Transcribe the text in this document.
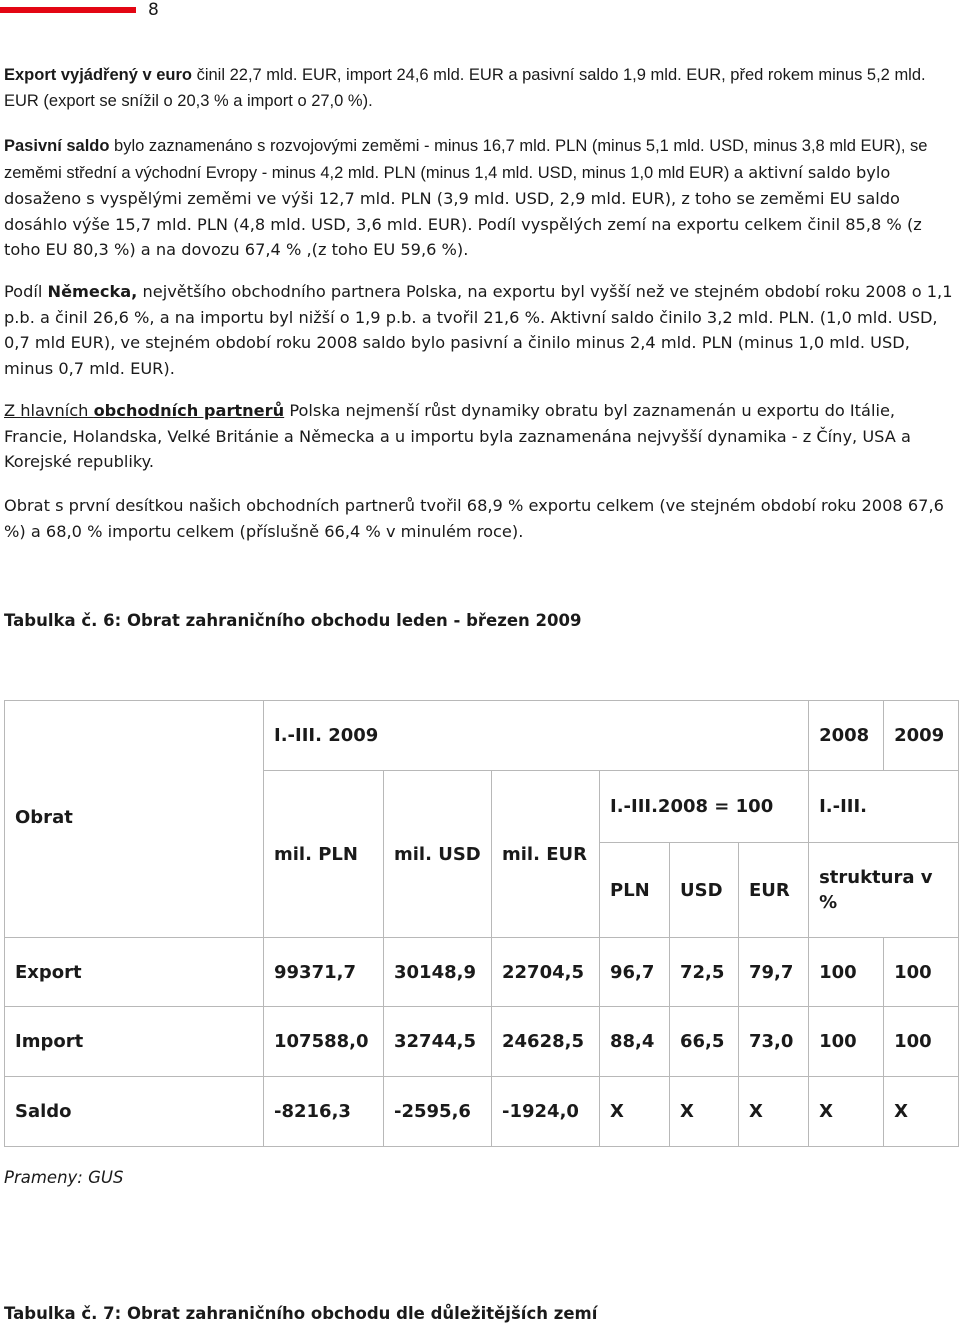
8

Export vyjádřený v euro činil 22,7 mld. EUR, import 24,6 mld. EUR a pasivní saldo 1,9 mld. EUR, před rokem minus 5,2 mld. EUR (export se snížil o 20,3 % a import o 27,0 %).

Pasivní saldo bylo zaznamenáno s rozvojovými zeměmi - minus 16,7 mld. PLN (minus 5,1 mld. USD, minus 3,8 mld EUR), se zeměmi střední a východní Evropy - minus 4,2 mld. PLN (minus 1,4 mld. USD, minus 1,0 mld EUR) a aktivní saldo bylo dosaženo s vyspělými zeměmi ve výši 12,7 mld. PLN (3,9 mld. USD, 2,9 mld. EUR), z toho se zeměmi EU saldo dosáhlo výše 15,7 mld. PLN (4,8 mld. USD, 3,6 mld. EUR). Podíl vyspělých zemí na exportu celkem činil 85,8 % (z toho EU 80,3 %) a na dovozu 67,4 % ,(z toho EU 59,6 %).

Podíl Německa, největšího obchodního partnera Polska, na exportu byl vyšší než ve stejném období roku 2008 o 1,1 p.b. a činil 26,6 %, a na importu byl nižší o 1,9 p.b. a tvořil 21,6 %. Aktivní saldo činilo 3,2 mld. PLN. (1,0 mld. USD, 0,7 mld EUR), ve stejném období roku 2008 saldo bylo pasivní a činilo minus 2,4 mld. PLN (minus 1,0 mld. USD, minus 0,7 mld. EUR).

Z hlavních obchodních partnerů Polska nejmenší růst dynamiky obratu byl zaznamenán u exportu do Itálie, Francie, Holandska, Velké Británie a Německa a u importu byla zaznamenána nejvyšší dynamika - z Číny, USA a Korejské republiky.

Obrat s první desítkou našich obchodních partnerů tvořil 68,9 % exportu celkem (ve stejném období roku 2008 67,6 %) a 68,0 % importu celkem (příslušně 66,4 % v minulém roce).

Tabulka č. 6: Obrat zahraničního obchodu leden - březen 2009
	I.-III. 2009						2008	2009
Obrat	mil. PLN	mil. USD	mil. EUR	I.-III.2008 = 100			I.-III.	
				PLN	USD	EUR	struktura v %	
Export	99371,7	30148,9	22704,5	96,7	72,5	79,7	100	100
Import	107588,0	32744,5	24628,5	88,4	66,5	73,0	100	100
Saldo	-8216,3	-2595,6	-1924,0	X	X	X	X	X
Prameny: GUS
Tabulka č. 7: Obrat zahraničního obchodu dle důležitějších zemí
